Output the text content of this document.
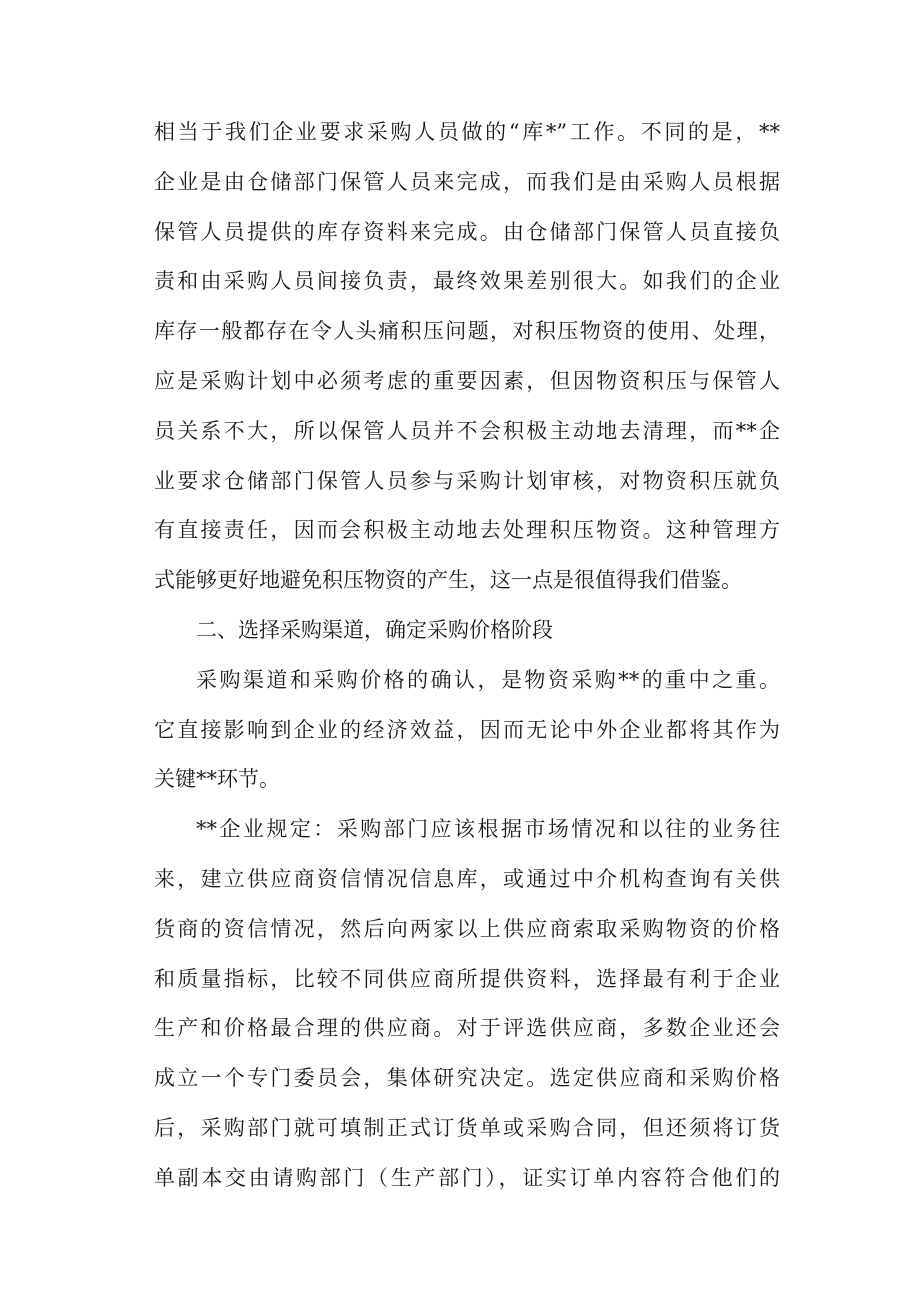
相当于我们企业要求采购人员做的“库*”工作。不同的是，**
企业是由仓储部门保管人员来完成，而我们是由采购人员根据
保管人员提供的库存资料来完成。由仓储部门保管人员直接负
责和由采购人员间接负责，最终效果差别很大。如我们的企业
库存一般都存在令人头痛积压问题，对积压物资的使用、处理，
应是采购计划中必须考虑的重要因素，但因物资积压与保管人
员关系不大，所以保管人员并不会积极主动地去清理，而**企
业要求仓储部门保管人员参与采购计划审核，对物资积压就负
有直接责任，因而会积极主动地去处理积压物资。这种管理方
式能够更好地避免积压物资的产生，这一点是很值得我们借鉴。
二、选择采购渠道，确定采购价格阶段
采购渠道和采购价格的确认，是物资采购**的重中之重。
它直接影响到企业的经济效益，因而无论中外企业都将其作为
关键**环节。
**企业规定：采购部门应该根据市场情况和以往的业务往
来，建立供应商资信情况信息库，或通过中介机构查询有关供
货商的资信情况，然后向两家以上供应商索取采购物资的价格
和质量指标，比较不同供应商所提供资料，选择最有利于企业
生产和价格最合理的供应商。对于评选供应商，多数企业还会
成立一个专门委员会，集体研究决定。选定供应商和采购价格
后，采购部门就可填制正式订货单或采购合同，但还须将订货
单副本交由请购部门（生产部门），证实订单内容符合他们的
